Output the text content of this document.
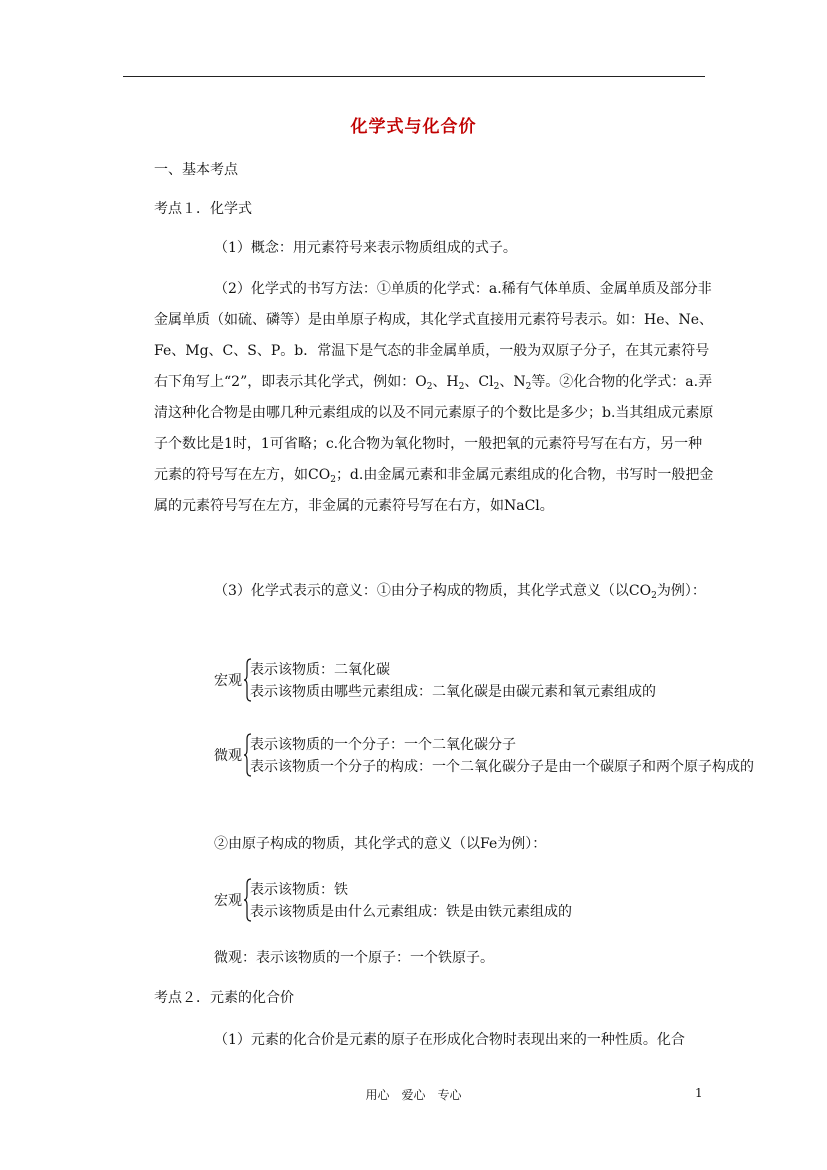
化学式与化合价
一、基本考点
考点１．化学式
（1）概念：用元素符号来表示物质组成的式子。
（2）化学式的书写方法：①单质的化学式：a.稀有气体单质、金属单质及部分非金属单质（如硫、磷等）是由单原子构成，其化学式直接用元素符号表示。如：He、Ne、Fe、Mg、C、S、P。b．常温下是气态的非金属单质，一般为双原子分子，在其元素符号右下角写上“2”，即表示其化学式，例如：$O_2$、$H_2$、$Cl_2$、$N_2$等。②化合物的化学式：a.弄清这种化合物是由哪几种元素组成的以及不同元素原子的个数比是多少；b.当其组成元素原子个数比是1时，1可省略；c.化合物为氧化物时，一般把氧的元素符号写在右方，另一种元素的符号写在左方，如$CO_2$；d.由金属元素和非金属元素组成的化合物，书写时一般把金属的元素符号写在左方，非金属的元素符号写在右方，如NaCl。
（3）化学式表示的意义：①由分子构成的物质，其化学式意义（以$CO_2$为例）：
宏观
表示该物质：二氧化碳
表示该物质由哪些元素组成：二氧化碳是由碳元素和氧元素组成的
微观
表示该物质的一个分子：一个二氧化碳分子
表示该物质一个分子的构成：一个二氧化碳分子是由一个碳原子和两个原子构成的
②由原子构成的物质，其化学式的意义（以Fe为例）：
宏观
表示该物质：铁
表示该物质是由什么元素组成：铁是由铁元素组成的
微观：表示该物质的一个原子：一个铁原子。
考点２．元素的化合价
（1）元素的化合价是元素的原子在形成化合物时表现出来的一种性质。化合
用心　爱心　专心	1
